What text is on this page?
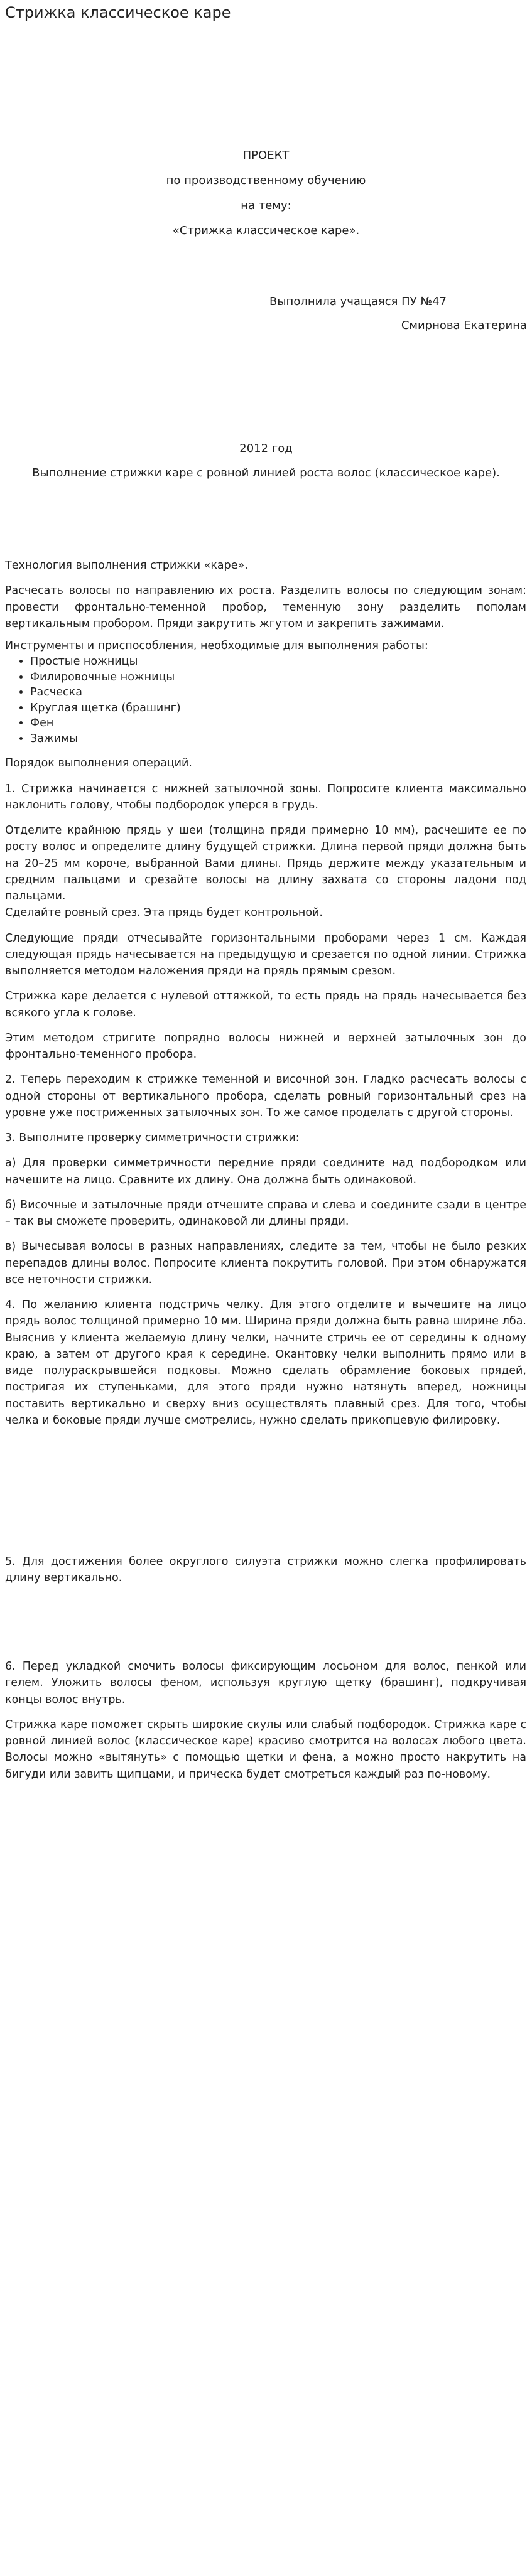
Стрижка классическое каре

ПРОЕКТ

по производственному обучению

на тему:

«Стрижка классическое каре».

Выполнила учащаяся ПУ №47

Смирнова Екатерина

2012 год

Выполнение стрижки каре с ровной линией роста волос (классическое каре).

Технология выполнения стрижки «каре».

Расчесать волосы по направлению их роста. Разделить волосы по следующим зонам: провести фронтально-теменной пробор, теменную зону разделить пополам вертикальным пробором. Пряди закрутить жгутом и закрепить зажимами.

Инструменты и приспособления, необходимые для выполнения работы:

• Простые ножницы
• Филировочные ножницы
• Расческа
• Круглая щетка (брашинг)
• Фен
• Зажимы

Порядок выполнения операций.

1. Стрижка начинается с нижней затылочной зоны. Попросите клиента максимально наклонить голову, чтобы подбородок уперся в грудь.

Отделите крайнюю прядь у шеи (толщина пряди примерно 10 мм), расчешите ее по росту волос и определите длину будущей стрижки. Длина первой пряди должна быть на 20–25 мм короче, выбранной Вами длины. Прядь держите между указательным и средним пальцами и срезайте волосы на длину захвата со стороны ладони под пальцами.

Сделайте ровный срез. Эта прядь будет контрольной.

Следующие пряди отчесывайте горизонтальными проборами через 1 см. Каждая следующая прядь начесывается на предыдущую и срезается по одной линии. Стрижка выполняется методом наложения пряди на прядь прямым срезом.

Стрижка каре делается с нулевой оттяжкой, то есть прядь на прядь начесывается без всякого угла к голове.

Этим методом стригите попрядно волосы нижней и верхней затылочных зон до фронтально-теменного пробора.

2. Теперь переходим к стрижке теменной и височной зон. Гладко расчесать волосы с одной стороны от вертикального пробора, сделать ровный горизонтальный срез на уровне уже постриженных затылочных зон. То же самое проделать с другой стороны.

3. Выполните проверку симметричности стрижки:

а) Для проверки симметричности передние пряди соедините над подбородком или начешите на лицо. Сравните их длину. Она должна быть одинаковой.

б) Височные и затылочные пряди отчешите справа и слева и соедините сзади в центре – так вы сможете проверить, одинаковой ли длины пряди.

в) Вычесывая волосы в разных направлениях, следите за тем, чтобы не было резких перепадов длины волос. Попросите клиента покрутить головой. При этом обнаружатся все неточности стрижки.

4. По желанию клиента подстричь челку. Для этого отделите и вычешите на лицо прядь волос толщиной примерно 10 мм. Ширина пряди должна быть равна ширине лба. Выяснив у клиента желаемую длину челки, начните стричь ее от середины к одному краю, а затем от другого края к середине. Окантовку челки выполнить прямо или в виде полураскрывшейся подковы. Можно сделать обрамление боковых прядей, постригая их ступеньками, для этого пряди нужно натянуть вперед, ножницы поставить вертикально и сверху вниз осуществлять плавный срез. Для того, чтобы челка и боковые пряди лучше смотрелись, нужно сделать прикопцевую филировку.

5. Для достижения более округлого силуэта стрижки можно слегка профилировать длину вертикально.

6. Перед укладкой смочить волосы фиксирующим лосьоном для волос, пенкой или гелем. Уложить волосы феном, используя круглую щетку (брашинг), подкручивая концы волос внутрь.

Стрижка каре поможет скрыть широкие скулы или слабый подбородок. Стрижка каре с ровной линией волос (классическое каре) красиво смотрится на волосах любого цвета. Волосы можно «вытянуть» с помощью щетки и фена, а можно просто накрутить на бигуди или завить щипцами, и прическа будет смотреться каждый раз по-новому.
